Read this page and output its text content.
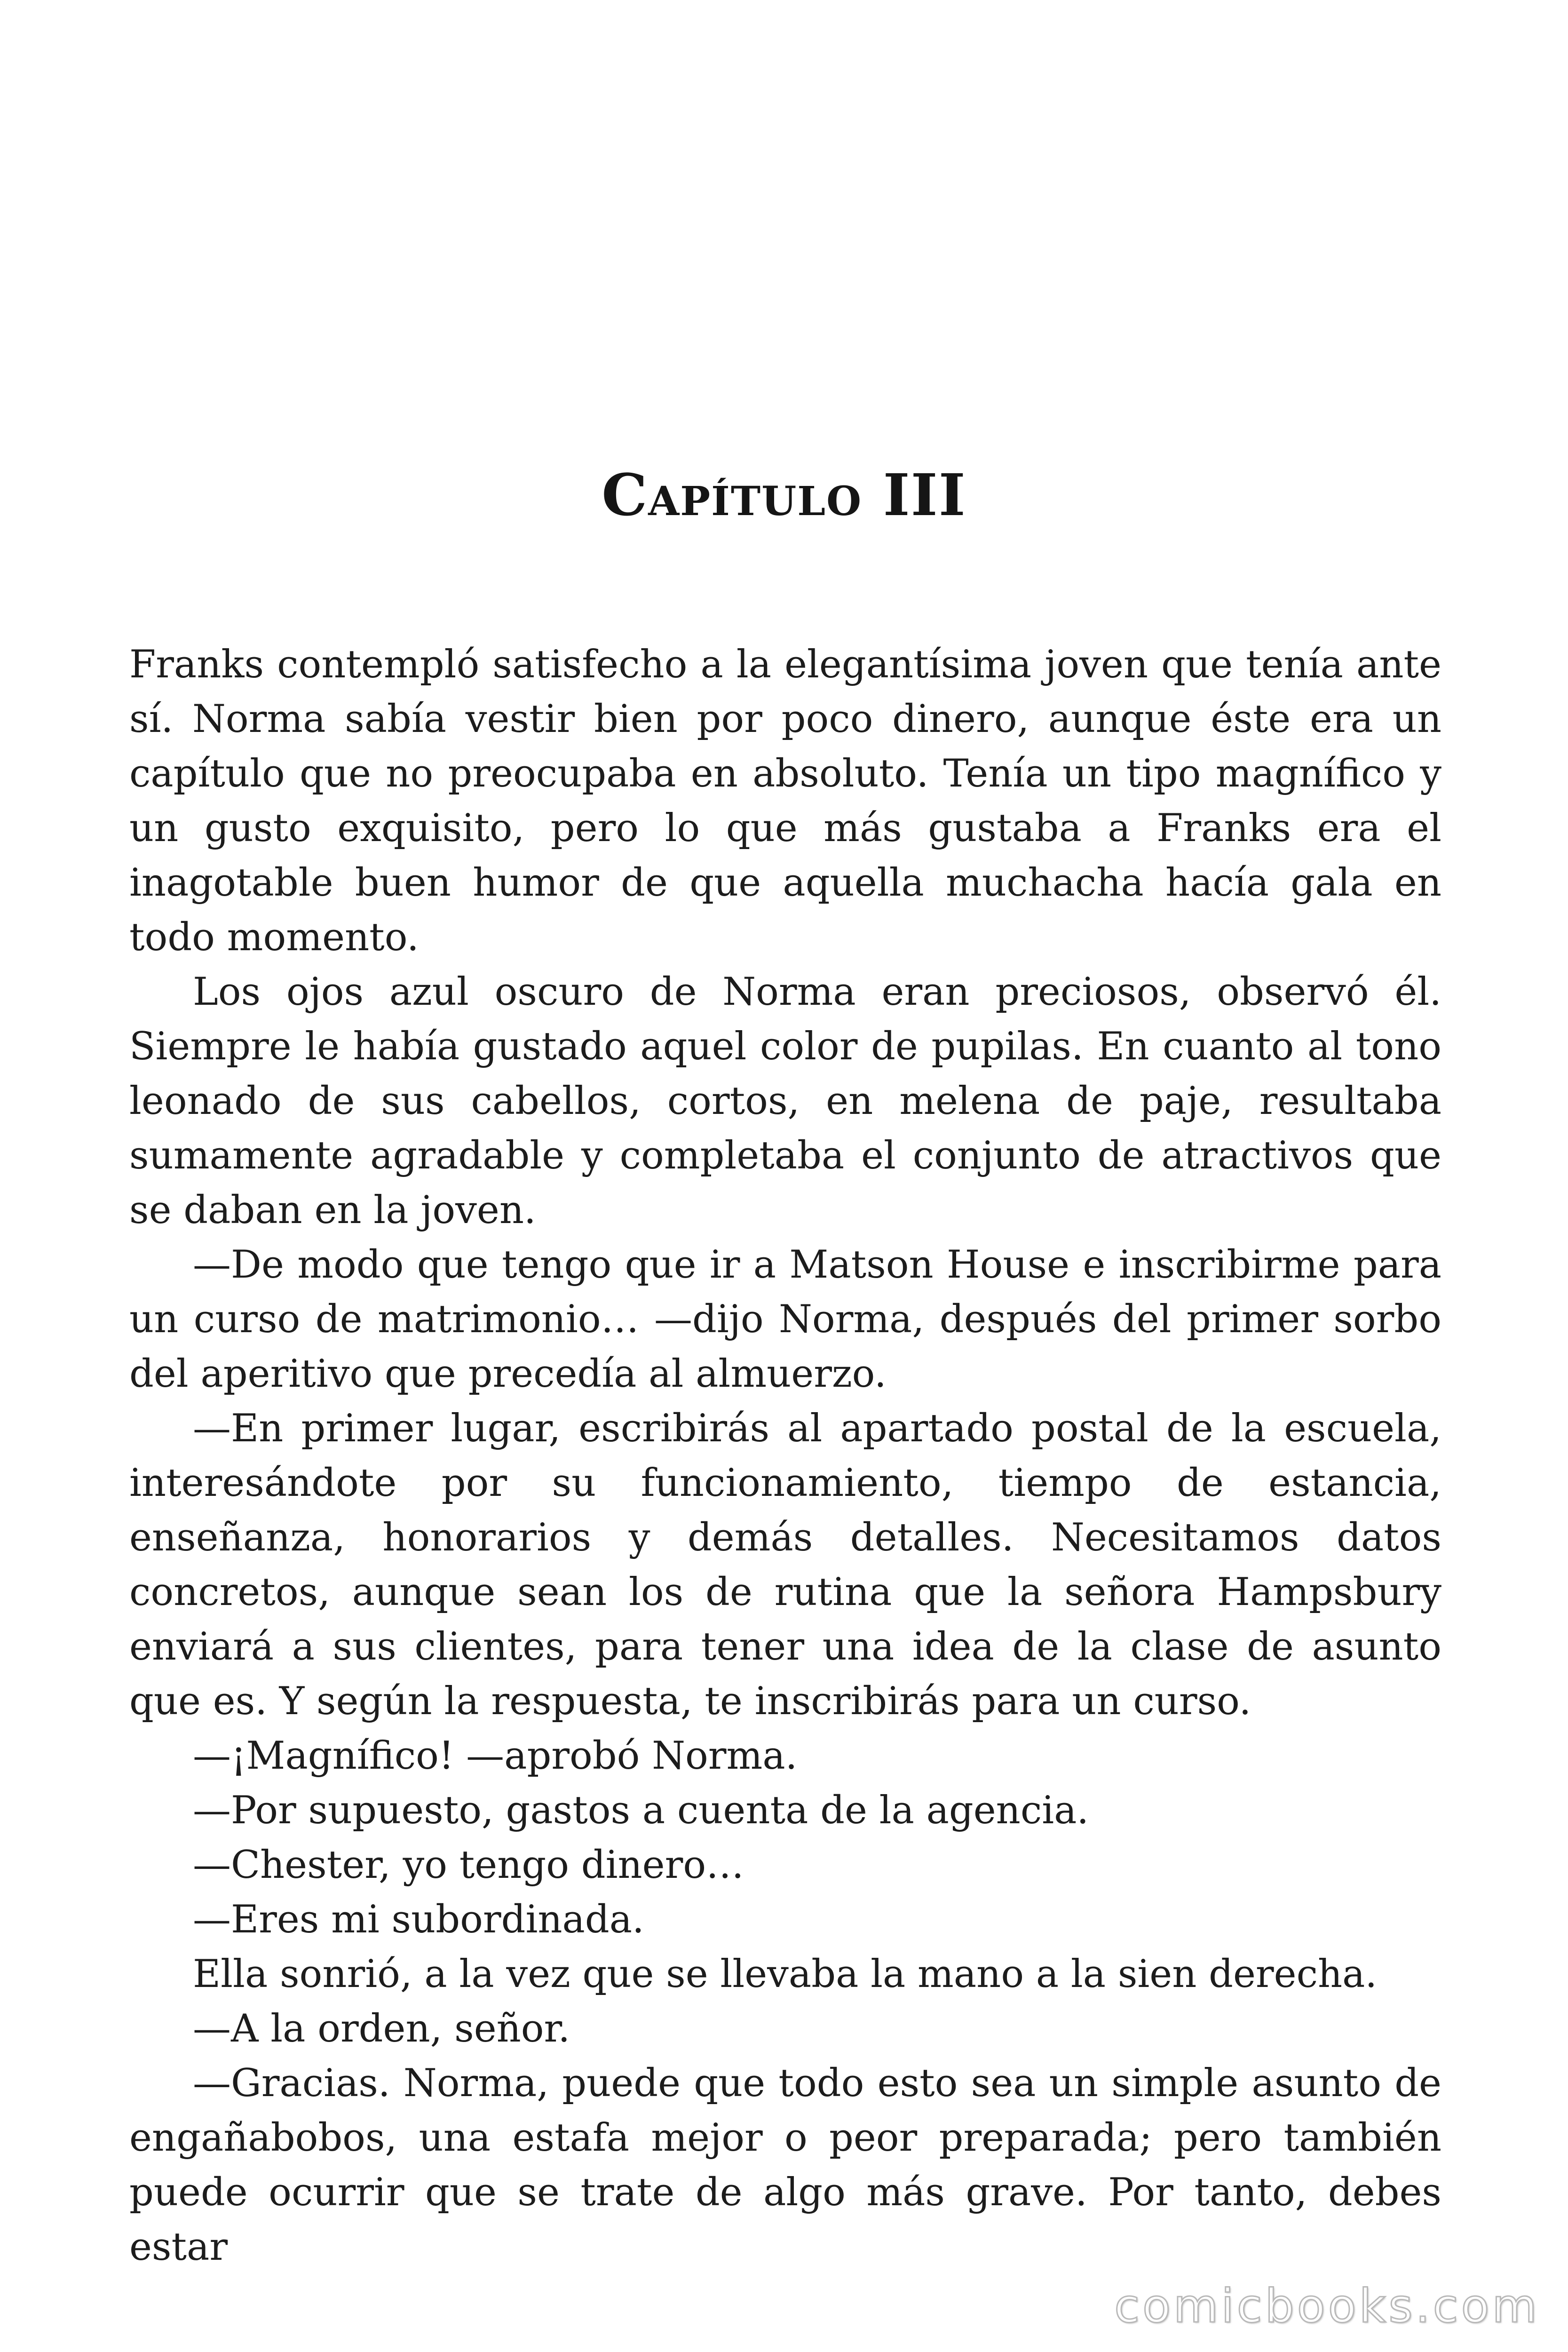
Capítulo III

Franks contempló satisfecho a la elegantísima joven que tenía ante sí. Norma sabía vestir bien por poco dinero, aunque éste era un capítulo que no preocupaba en absoluto. Tenía un tipo magnífico y un gusto exquisito, pero lo que más gustaba a Franks era el inagotable buen humor de que aquella muchacha hacía gala en todo momento.

Los ojos azul oscuro de Norma eran preciosos, observó él. Siempre le había gustado aquel color de pupilas. En cuanto al tono leonado de sus cabellos, cortos, en melena de paje, resultaba sumamente agradable y completaba el conjunto de atractivos que se daban en la joven.

—De modo que tengo que ir a Matson House e inscribirme para un curso de matrimonio… —dijo Norma, después del primer sorbo del aperitivo que precedía al almuerzo.

—En primer lugar, escribirás al apartado postal de la escuela, interesándote por su funcionamiento, tiempo de estancia, enseñanza, honorarios y demás detalles. Necesitamos datos concretos, aunque sean los de rutina que la señora Hampsbury enviará a sus clientes, para tener una idea de la clase de asunto que es. Y según la respuesta, te inscribirás para un curso.

—¡Magnífico! —aprobó Norma.

—Por supuesto, gastos a cuenta de la agencia.

—Chester, yo tengo dinero…

—Eres mi subordinada.

Ella sonrió, a la vez que se llevaba la mano a la sien derecha.

—A la orden, señor.

—Gracias. Norma, puede que todo esto sea un simple asunto de engañabobos, una estafa mejor o peor preparada; pero también puede ocurrir que se trate de algo más grave. Por tanto, debes estar

comicbooks.com
